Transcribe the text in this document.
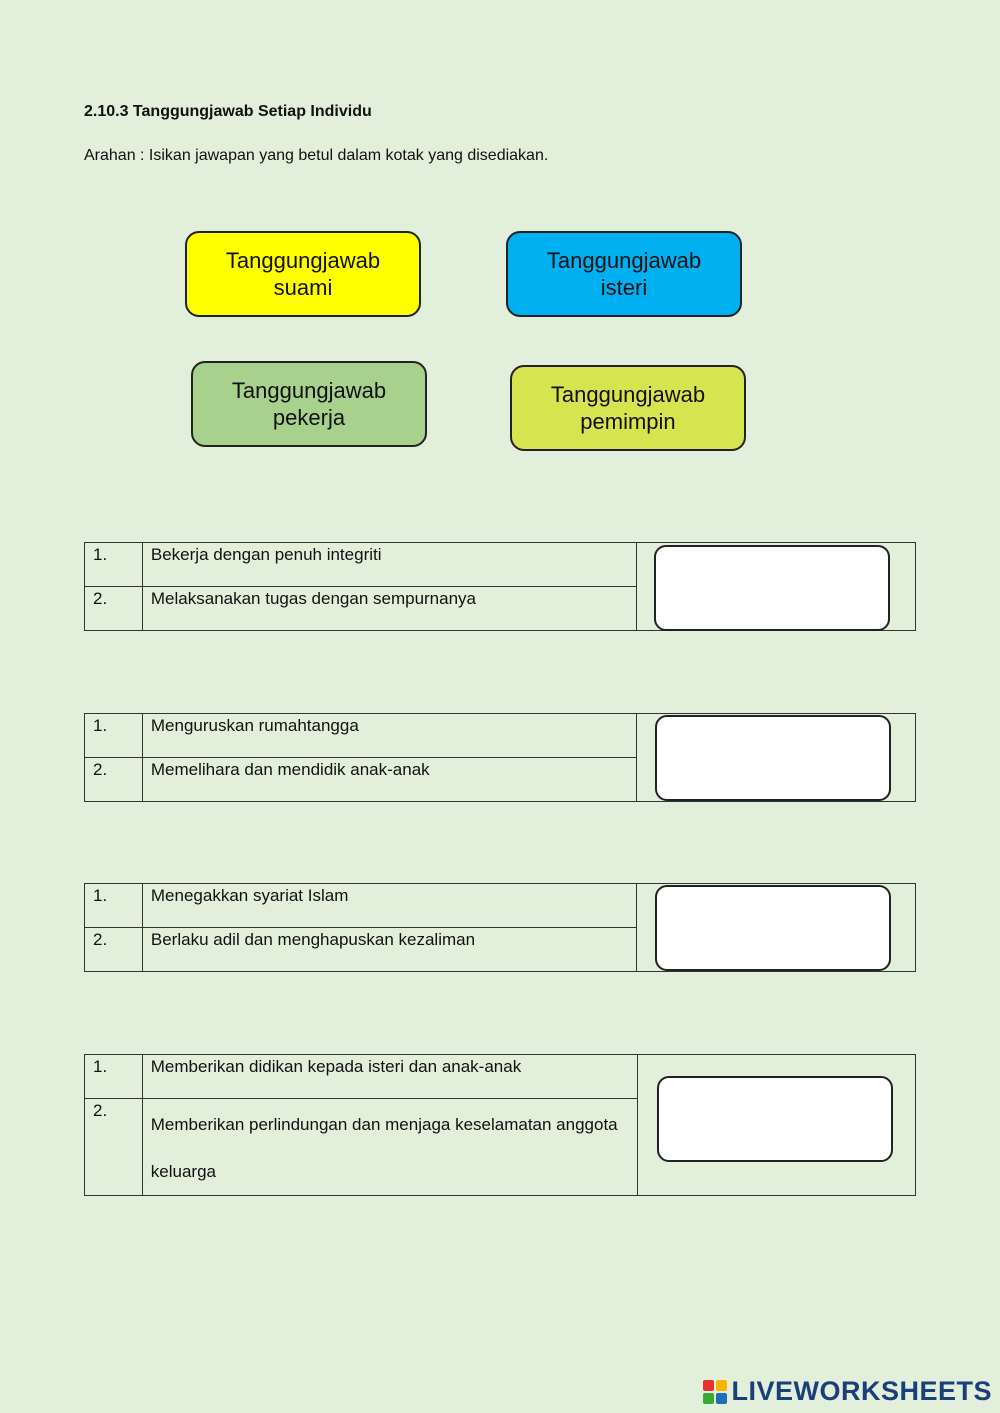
2.10.3 Tanggungjawab Setiap Individu

Arahan : Isikan jawapan yang betul dalam kotak yang disediakan.

Tanggungjawab
suami
Tanggungjawab
isteri
Tanggungjawab
pekerja
Tanggungjawab
pemimpin
1.	Bekerja dengan penuh integriti	

2.	Melaksanakan tugas dengan sempurnanya	
1.	Menguruskan rumahtangga	

2.	Memelihara dan mendidik anak-anak	
1.	Menegakkan syariat Islam	

2.	Berlaku adil dan menghapuskan kezaliman	
1.	Memberikan didikan kepada isteri dan anak-anak	

2.	Memberikan perlindungan dan menjaga keselamatan anggota keluarga	
LIVEWORKSHEETS
